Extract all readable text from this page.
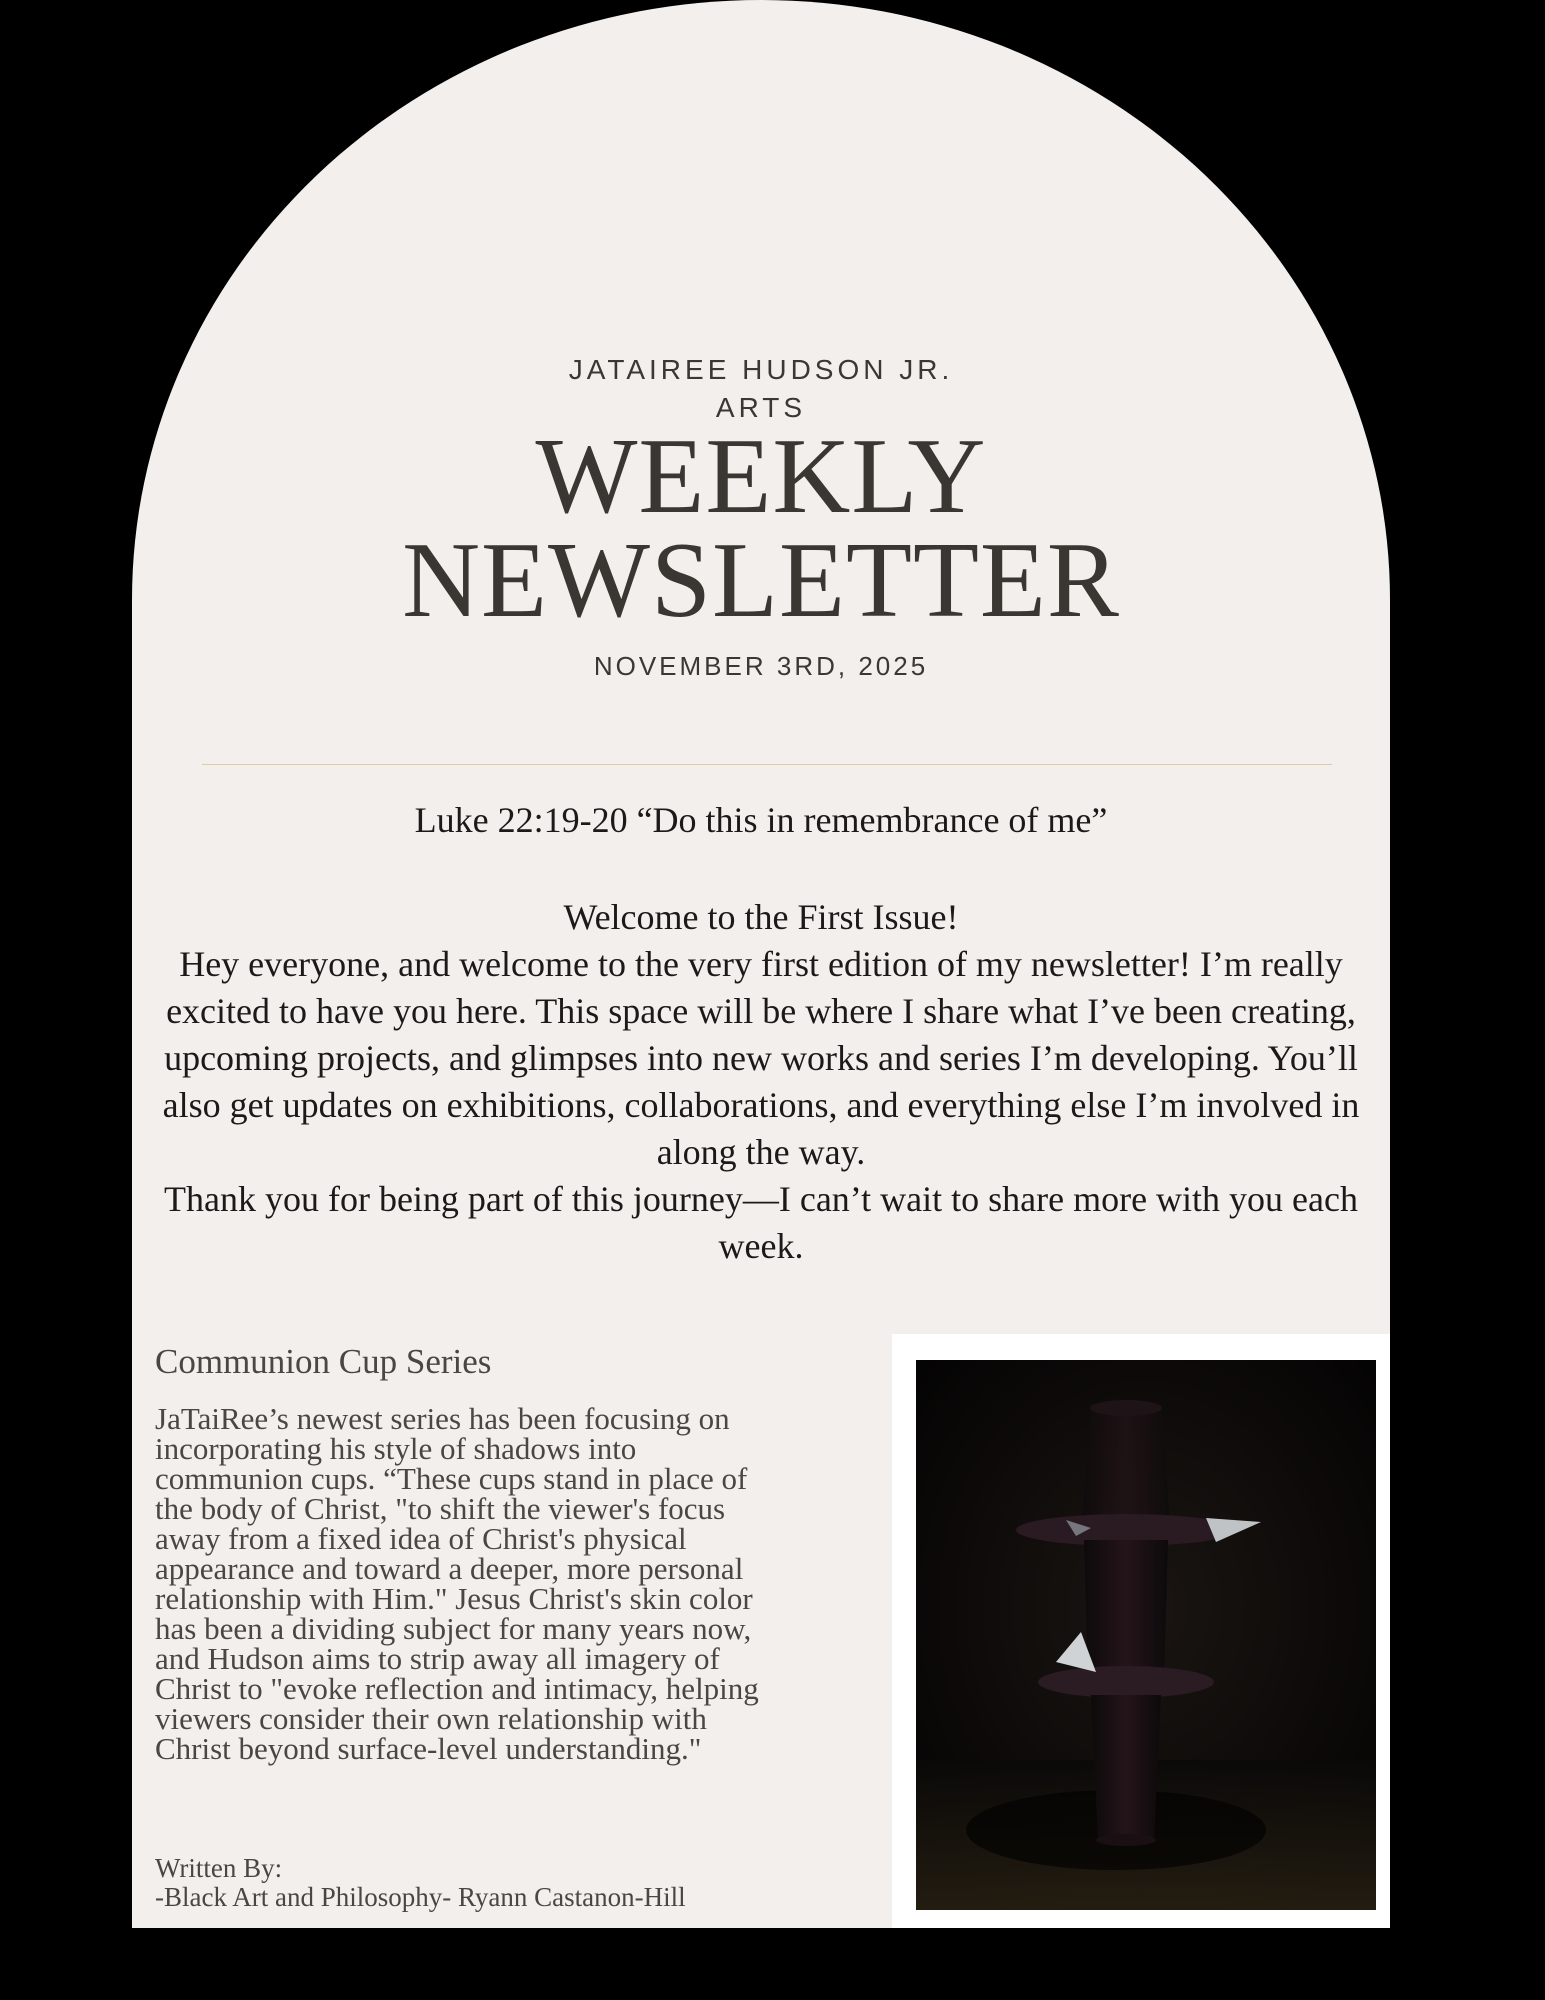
JATAIREE HUDSON JR.
ARTS
WEEKLY
NEWSLETTER
NOVEMBER 3RD, 2025
Luke 22:19-20 “Do this in remembrance of me”
Welcome to the First Issue!
Hey everyone, and welcome to the very first edition of my newsletter! I’m really excited to have you here. This space will be where I share what I’ve been creating, upcoming projects, and glimpses into new works and series I’m developing. You’ll also get updates on exhibitions, collaborations, and everything else I’m involved in along the way.
Thank you for being part of this journey—I can’t wait to share more with you each week.
Communion Cup Series
JaTaiRee’s newest series has been focusing on incorporating his style of shadows into communion cups. “These cups stand in place of the body of Christ, "to shift the viewer's focus away from a fixed idea of Christ's physical appearance and toward a deeper, more personal relationship with Him." Jesus Christ's skin color has been a dividing subject for many years now, and Hudson aims to strip away all imagery of Christ to "evoke reflection and intimacy, helping viewers consider their own relationship with Christ beyond surface-level understanding."
Written By:
-Black Art and Philosophy- Ryann Castanon-Hill
